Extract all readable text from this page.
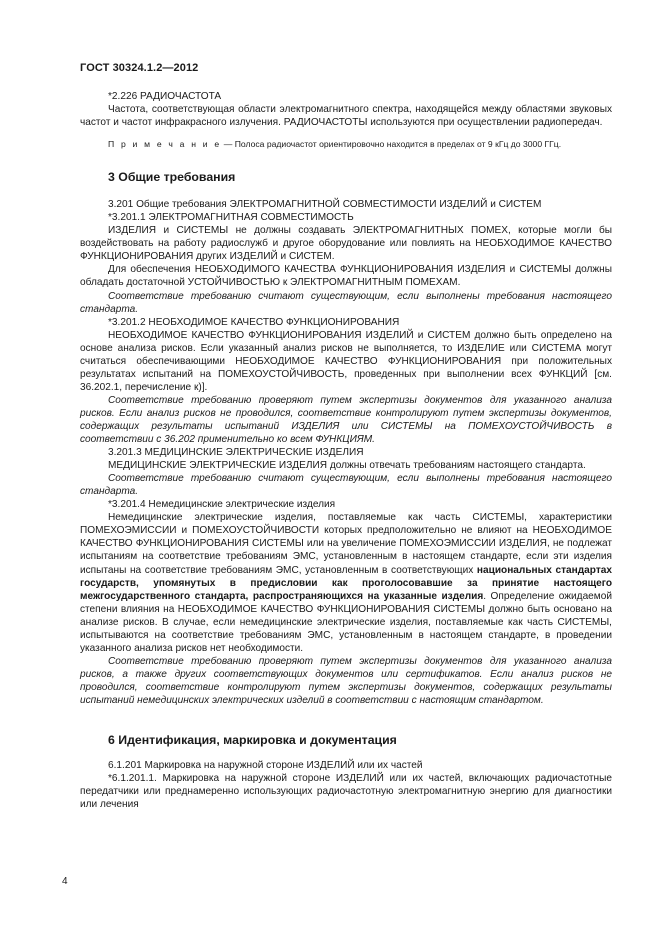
ГОСТ 30324.1.2—2012

*2.226 РАДИОЧАСТОТА

Частота, соответствующая области электромагнитного спектра, находящейся между областями звуковых частот и частот инфракрасного излучения. РАДИОЧАСТОТЫ используются при осуществлении радиопередач.

П р и м е ч а н и е — Полоса радиочастот ориентировочно находится в пределах от 9 кГц до 3000 ГГц.

3 Общие требования

3.201 Общие требования ЭЛЕКТРОМАГНИТНОЙ СОВМЕСТИМОСТИ ИЗДЕЛИЙ и СИСТЕМ

*3.201.1 ЭЛЕКТРОМАГНИТНАЯ СОВМЕСТИМОСТЬ

ИЗДЕЛИЯ и СИСТЕМЫ не должны создавать ЭЛЕКТРОМАГНИТНЫХ ПОМЕХ, которые могли бы воздействовать на работу радиослужб и другое оборудование или повлиять на НЕОБХОДИМОЕ КАЧЕСТВО ФУНКЦИОНИРОВАНИЯ других ИЗДЕЛИЙ и СИСТЕМ.

Для обеспечения НЕОБХОДИМОГО КАЧЕСТВА ФУНКЦИОНИРОВАНИЯ ИЗДЕЛИЯ и СИСТЕМЫ должны обладать достаточной УСТОЙЧИВОСТЬЮ к ЭЛЕКТРОМАГНИТНЫМ ПОМЕХАМ.

Соответствие требованию считают существующим, если выполнены требования настоящего стандарта.

*3.201.2 НЕОБХОДИМОЕ КАЧЕСТВО ФУНКЦИОНИРОВАНИЯ

НЕОБХОДИМОЕ КАЧЕСТВО ФУНКЦИОНИРОВАНИЯ ИЗДЕЛИЙ и СИСТЕМ должно быть определено на основе анализа рисков. Если указанный анализ рисков не выполняется, то ИЗДЕЛИЕ или СИСТЕМА могут считаться обеспечивающими НЕОБХОДИМОЕ КАЧЕСТВО ФУНКЦИОНИРОВАНИЯ при положительных результатах испытаний на ПОМЕХОУСТОЙЧИВОСТЬ, проведенных при выполнении всех ФУНКЦИЙ [см. 36.202.1, перечисление к)].

Соответствие требованию проверяют путем экспертизы документов для указанного анализа рисков. Если анализ рисков не проводился, соответствие контролируют путем экспертизы документов, содержащих результаты испытаний ИЗДЕЛИЯ или СИСТЕМЫ на ПОМЕХОУСТОЙЧИВОСТЬ в соответствии с 36.202 применительно ко всем ФУНКЦИЯМ.

3.201.3 МЕДИЦИНСКИЕ ЭЛЕКТРИЧЕСКИЕ ИЗДЕЛИЯ

МЕДИЦИНСКИЕ ЭЛЕКТРИЧЕСКИЕ ИЗДЕЛИЯ должны отвечать требованиям настоящего стандарта.

Соответствие требованию считают существующим, если выполнены требования настоящего стандарта.

*3.201.4 Немедицинские электрические изделия

Немедицинские электрические изделия, поставляемые как часть СИСТЕМЫ, характеристики ПОМЕХОЭМИССИИ и ПОМЕХОУСТОЙЧИВОСТИ которых предположительно не влияют на НЕОБХОДИМОЕ КАЧЕСТВО ФУНКЦИОНИРОВАНИЯ СИСТЕМЫ или на увеличение ПОМЕХОЭМИССИИ ИЗДЕЛИЯ, не подлежат испытаниям на соответствие требованиям ЭМС, установленным в настоящем стандарте, если эти изделия испытаны на соответствие требованиям ЭМС, установленным в соответствующих национальных стандартах государств, упомянутых в предисловии как проголосовавшие за принятие настоящего межгосударственного стандарта, распространяющихся на указанные изделия. Определение ожидаемой степени влияния на НЕОБХОДИМОЕ КАЧЕСТВО ФУНКЦИОНИРОВАНИЯ СИСТЕМЫ должно быть основано на анализе рисков. В случае, если немедицинские электрические изделия, поставляемые как часть СИСТЕМЫ, испытываются на соответствие требованиям ЭМС, установленным в настоящем стандарте, в проведении указанного анализа рисков нет необходимости.

Соответствие требованию проверяют путем экспертизы документов для указанного анализа рисков, а также других соответствующих документов или сертификатов. Если анализ рисков не проводился, соответствие контролируют путем экспертизы документов, содержащих результаты испытаний немедицинских электрических изделий в соответствии с настоящим стандартом.

6 Идентификация, маркировка и документация

6.1.201 Маркировка на наружной стороне ИЗДЕЛИЙ или их частей

*6.1.201.1. Маркировка на наружной стороне ИЗДЕЛИЙ или их частей, включающих радиочастотные передатчики или преднамеренно использующих радиочастотную электромагнитную энергию для диагностики или лечения

4
